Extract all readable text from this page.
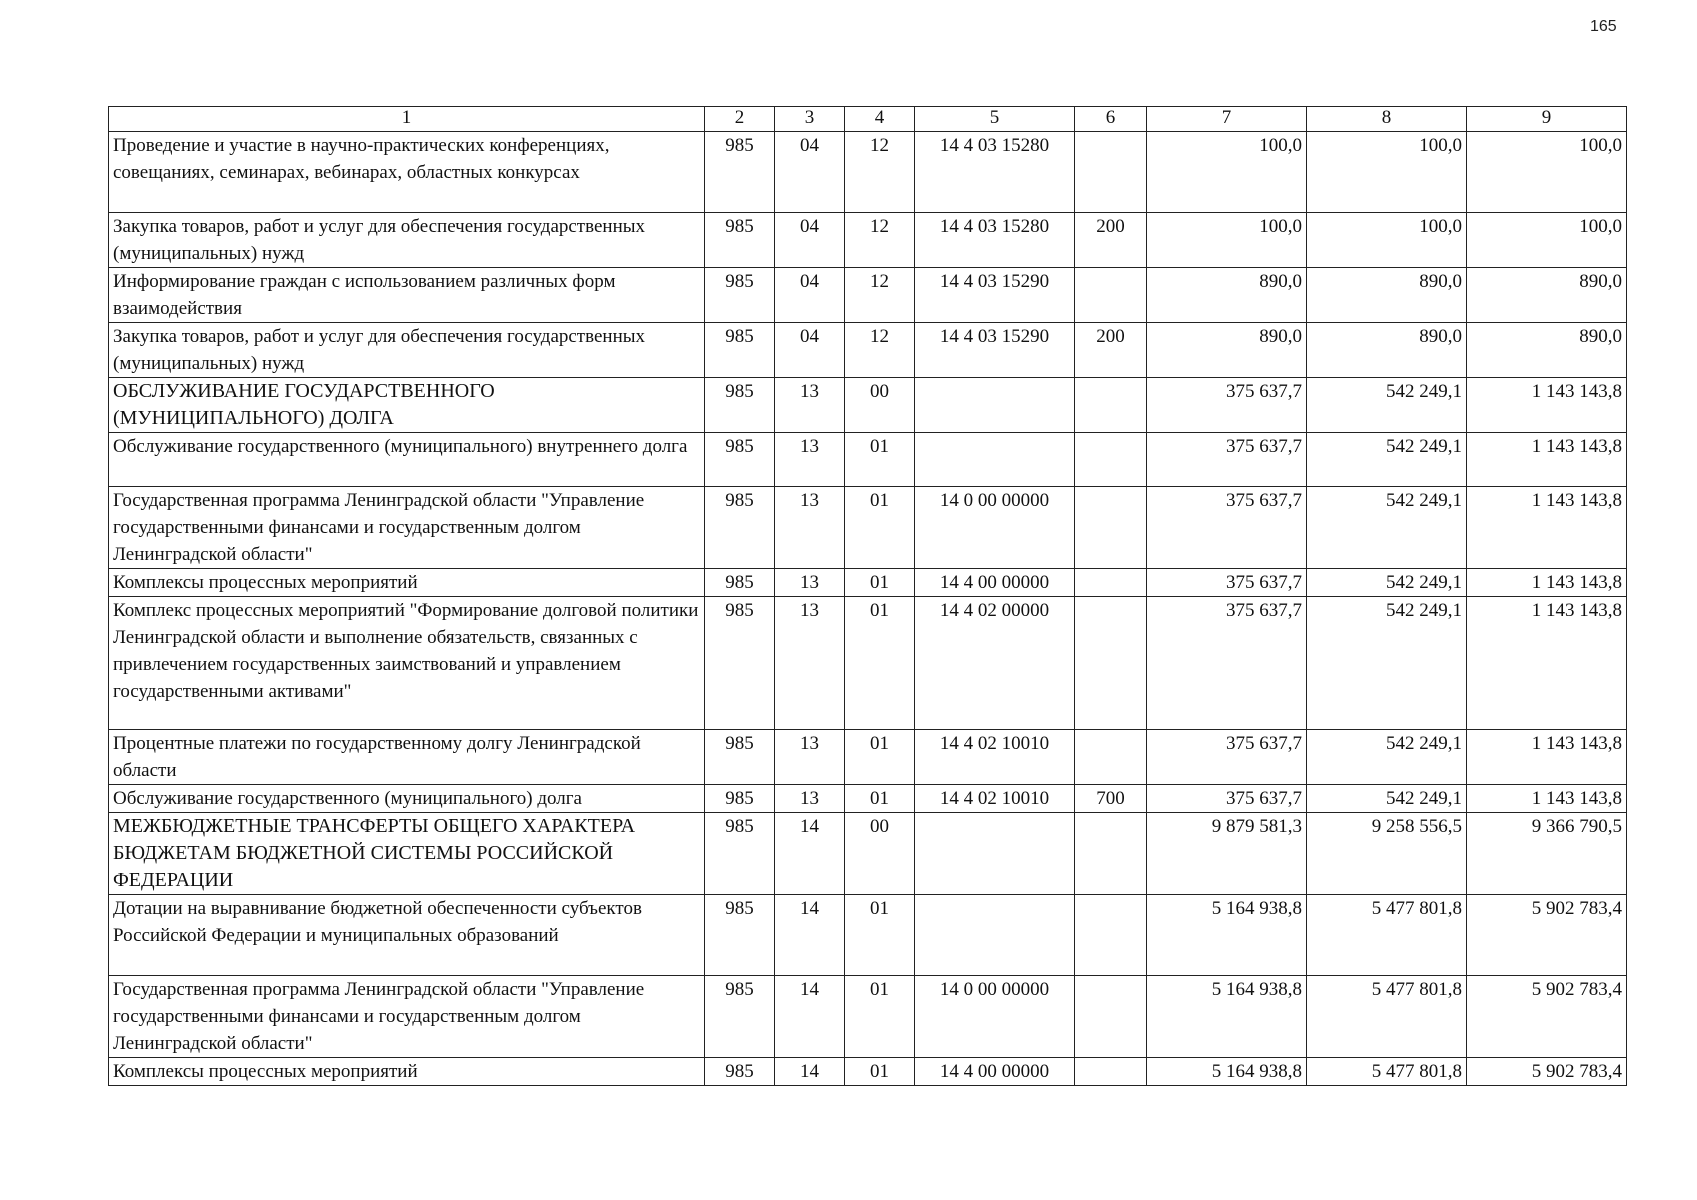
165
1	2	3	4	5	6	7	8	9
Проведение и участие в научно-практических конференциях, совещаниях, семинарах, вебинарах, областных конкурсах	985	04	12	14 4 03 15280		100,0	100,0	100,0
Закупка товаров, работ и услуг для обеспечения государственных (муниципальных) нужд	985	04	12	14 4 03 15280	200	100,0	100,0	100,0
Информирование граждан с использованием различных форм взаимодействия	985	04	12	14 4 03 15290		890,0	890,0	890,0
Закупка товаров, работ и услуг для обеспечения государственных (муниципальных) нужд	985	04	12	14 4 03 15290	200	890,0	890,0	890,0
ОБСЛУЖИВАНИЕ ГОСУДАРСТВЕННОГО (МУНИЦИПАЛЬНОГО) ДОЛГА	985	13	00			375 637,7	542 249,1	1 143 143,8
Обслуживание государственного (муниципального) внутреннего долга	985	13	01			375 637,7	542 249,1	1 143 143,8
Государственная программа Ленинградской области "Управление государственными финансами и государственным долгом Ленинградской области"	985	13	01	14 0 00 00000		375 637,7	542 249,1	1 143 143,8
Комплексы процессных мероприятий	985	13	01	14 4 00 00000		375 637,7	542 249,1	1 143 143,8
Комплекс процессных мероприятий "Формирование долговой политики Ленинградской области и выполнение обязательств, связанных с привлечением государственных заимствований и управлением государственными активами"	985	13	01	14 4 02 00000		375 637,7	542 249,1	1 143 143,8
Процентные платежи по государственному долгу Ленинградской области	985	13	01	14 4 02 10010		375 637,7	542 249,1	1 143 143,8
Обслуживание государственного (муниципального) долга	985	13	01	14 4 02 10010	700	375 637,7	542 249,1	1 143 143,8
МЕЖБЮДЖЕТНЫЕ ТРАНСФЕРТЫ ОБЩЕГО ХАРАКТЕРА БЮДЖЕТАМ БЮДЖЕТНОЙ СИСТЕМЫ РОССИЙСКОЙ ФЕДЕРАЦИИ	985	14	00			9 879 581,3	9 258 556,5	9 366 790,5
Дотации на выравнивание бюджетной обеспеченности субъектов Российской Федерации и муниципальных образований	985	14	01			5 164 938,8	5 477 801,8	5 902 783,4
Государственная программа Ленинградской области "Управление государственными финансами и государственным долгом Ленинградской области"	985	14	01	14 0 00 00000		5 164 938,8	5 477 801,8	5 902 783,4
Комплексы процессных мероприятий	985	14	01	14 4 00 00000		5 164 938,8	5 477 801,8	5 902 783,4
